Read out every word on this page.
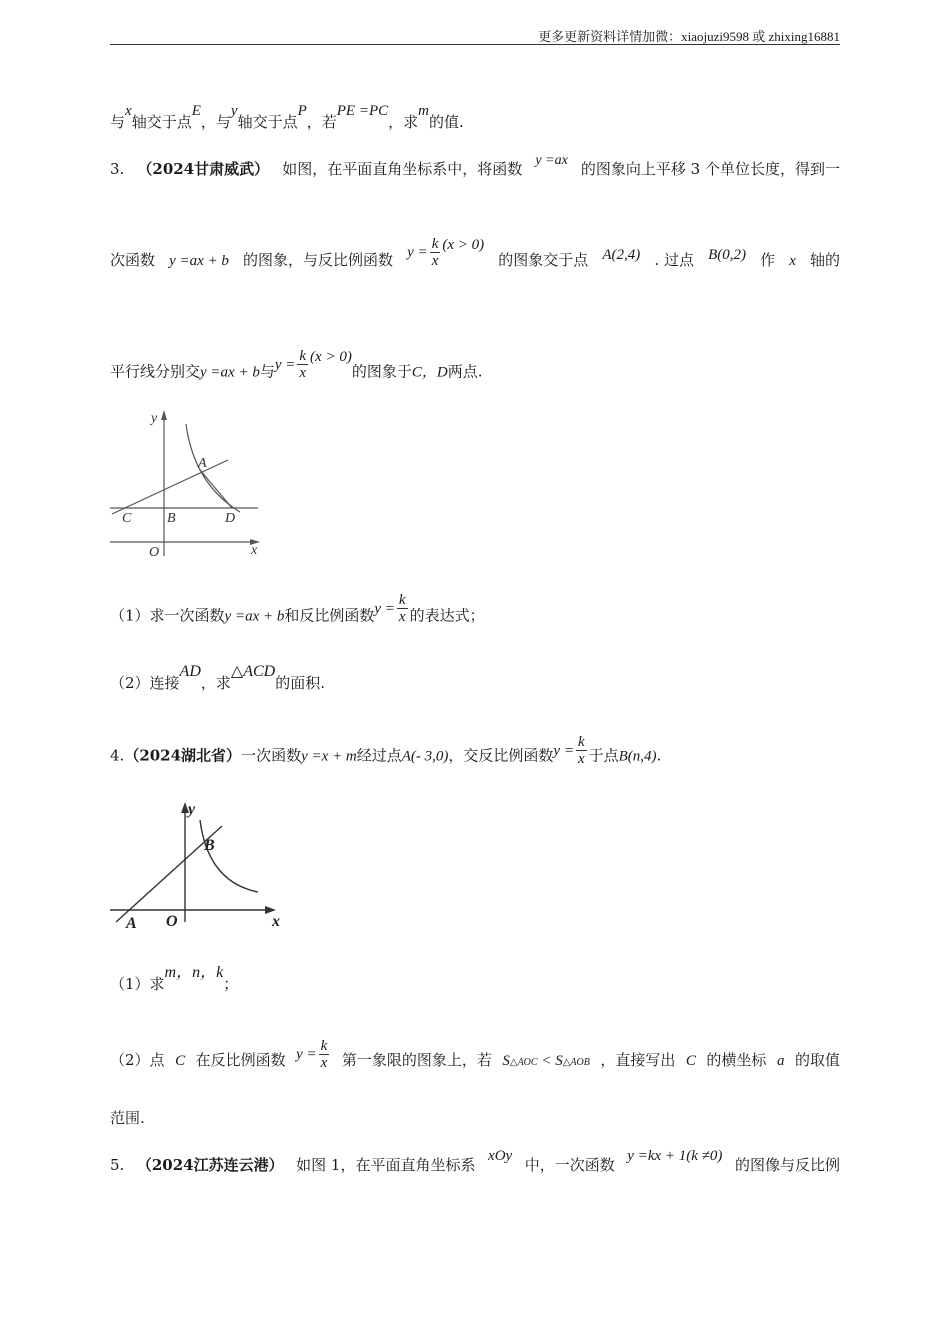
更多更新资料详情加微：xiaojuzi9598 或 zhixing16881
与x轴交于点E，与y轴交于点P，若PE =PC，求m的值.
3. （2024甘肃威武） 如图，在平面直角坐标系中，将函数 y =ax 的图象向上平移 3 个单位长度，得到一
次函数 y =ax + b 的图象，与反比例函数 $y = \frac{k}{x} (x > 0)$
的图象交于点 A(2,4) . 过点 B(0,2) 作 x 轴的
平行线分别交y =ax + b与$y = \frac{k}{x} (x > 0)$的图象于C，D两点.
y
A
C	B	D
O	x
（1）求一次函数y =ax + b和反比例函数$y = \frac{k}{x}$ 的表达式；
（2）连接AD，求△ACD的面积.
4.（2024湖北省）一次函数y =x + m经过点A(- 3,0)，交反比例函数$y = \frac{k}{x}$ 于点B(n,4).
y
B
A O	x
（1）求m，n，k；
（2）点 C 在反比例函数 $y = \frac{k}{x}$ 第一象限的图象上，若 S△AOC < S△AOB ，直接写出 C 的横坐标 a 的取值
范围.
5. （2024江苏连云港） 如图 1，在平面直角坐标系 xOy 中，一次函数 y =kx + 1(k ≠0) 的图像与反比例
